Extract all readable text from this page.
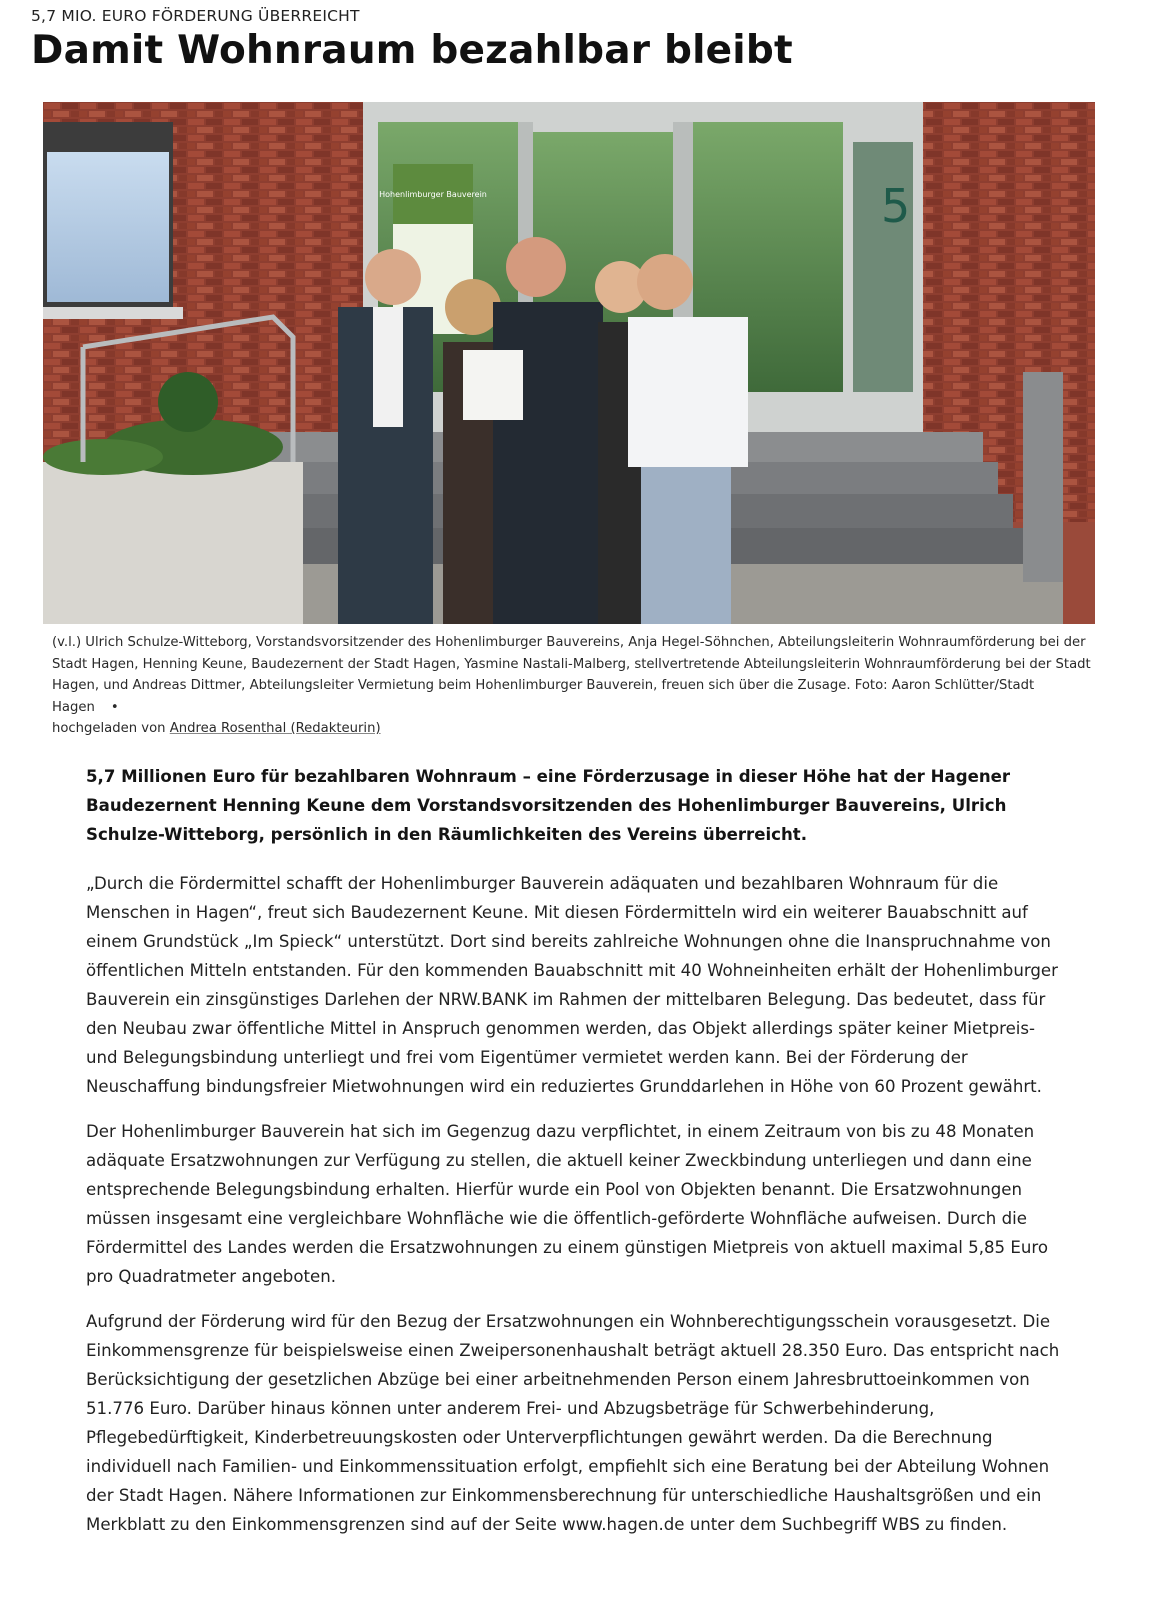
5,7 MIO. EURO FÖRDERUNG ÜBERREICHT
Damit Wohnraum bezahlbar bleibt
Hohenlimburger Bauverein	5
(v.l.) Ulrich Schulze-Witteborg, Vorstandsvorsitzender des Hohenlimburger Bauvereins, Anja Hegel-Söhnchen, Abteilungsleiterin Wohnraumförderung bei der Stadt Hagen, Henning Keune, Baudezernent der Stadt Hagen, Yasmine Nastali-Malberg, stellvertretende Abteilungsleiterin Wohnraumförderung bei der Stadt Hagen, und Andreas Dittmer, Abteilungsleiter Vermietung beim Hohenlimburger Bauverein, freuen sich über die Zusage. Foto: Aaron Schlütter/Stadt Hagen •
hochgeladen von Andrea Rosenthal (Redakteurin)

5,7 Millionen Euro für bezahlbaren Wohnraum – eine Förderzusage in dieser Höhe hat der Hagener Baudezernent Henning Keune dem Vorstandsvorsitzenden des Hohenlimburger Bauvereins, Ulrich Schulze-Witteborg, persönlich in den Räumlichkeiten des Vereins überreicht.

„Durch die Fördermittel schafft der Hohenlimburger Bauverein adäquaten und bezahlbaren Wohnraum für die Menschen in Hagen“, freut sich Baudezernent Keune. Mit diesen Fördermitteln wird ein weiterer Bauabschnitt auf einem Grundstück „Im Spieck“ unterstützt. Dort sind bereits zahlreiche Wohnungen ohne die Inanspruchnahme von öffentlichen Mitteln entstanden. Für den kommenden Bauabschnitt mit 40 Wohneinheiten erhält der Hohenlimburger Bauverein ein zinsgünstiges Darlehen der NRW.BANK im Rahmen der mittelbaren Belegung. Das bedeutet, dass für den Neubau zwar öffentliche Mittel in Anspruch genommen werden, das Objekt allerdings später keiner Mietpreis- und Belegungsbindung unterliegt und frei vom Eigentümer vermietet werden kann. Bei der Förderung der Neuschaffung bindungsfreier Mietwohnungen wird ein reduziertes Grunddarlehen in Höhe von 60 Prozent gewährt.

Der Hohenlimburger Bauverein hat sich im Gegenzug dazu verpflichtet, in einem Zeitraum von bis zu 48 Monaten adäquate Ersatzwohnungen zur Verfügung zu stellen, die aktuell keiner Zweckbindung unterliegen und dann eine entsprechende Belegungsbindung erhalten. Hierfür wurde ein Pool von Objekten benannt. Die Ersatzwohnungen müssen insgesamt eine vergleichbare Wohnfläche wie die öffentlich-geförderte Wohnfläche aufweisen. Durch die Fördermittel des Landes werden die Ersatzwohnungen zu einem günstigen Mietpreis von aktuell maximal 5,85 Euro pro Quadratmeter angeboten.

Aufgrund der Förderung wird für den Bezug der Ersatzwohnungen ein Wohnberechtigungsschein vorausgesetzt. Die Einkommensgrenze für beispielsweise einen Zweipersonenhaushalt beträgt aktuell 28.350 Euro. Das entspricht nach Berücksichtigung der gesetzlichen Abzüge bei einer arbeitnehmenden Person einem Jahresbruttoeinkommen von 51.776 Euro. Darüber hinaus können unter anderem Frei- und Abzugsbeträge für Schwerbehinderung, Pflegebedürftigkeit, Kinderbetreuungskosten oder Unterverpflichtungen gewährt werden. Da die Berechnung individuell nach Familien- und Einkommenssituation erfolgt, empfiehlt sich eine Beratung bei der Abteilung Wohnen der Stadt Hagen. Nähere Informationen zur Einkommensberechnung für unterschiedliche Haushaltsgrößen und ein Merkblatt zu den Einkommensgrenzen sind auf der Seite www.hagen.de unter dem Suchbegriff WBS zu finden.
